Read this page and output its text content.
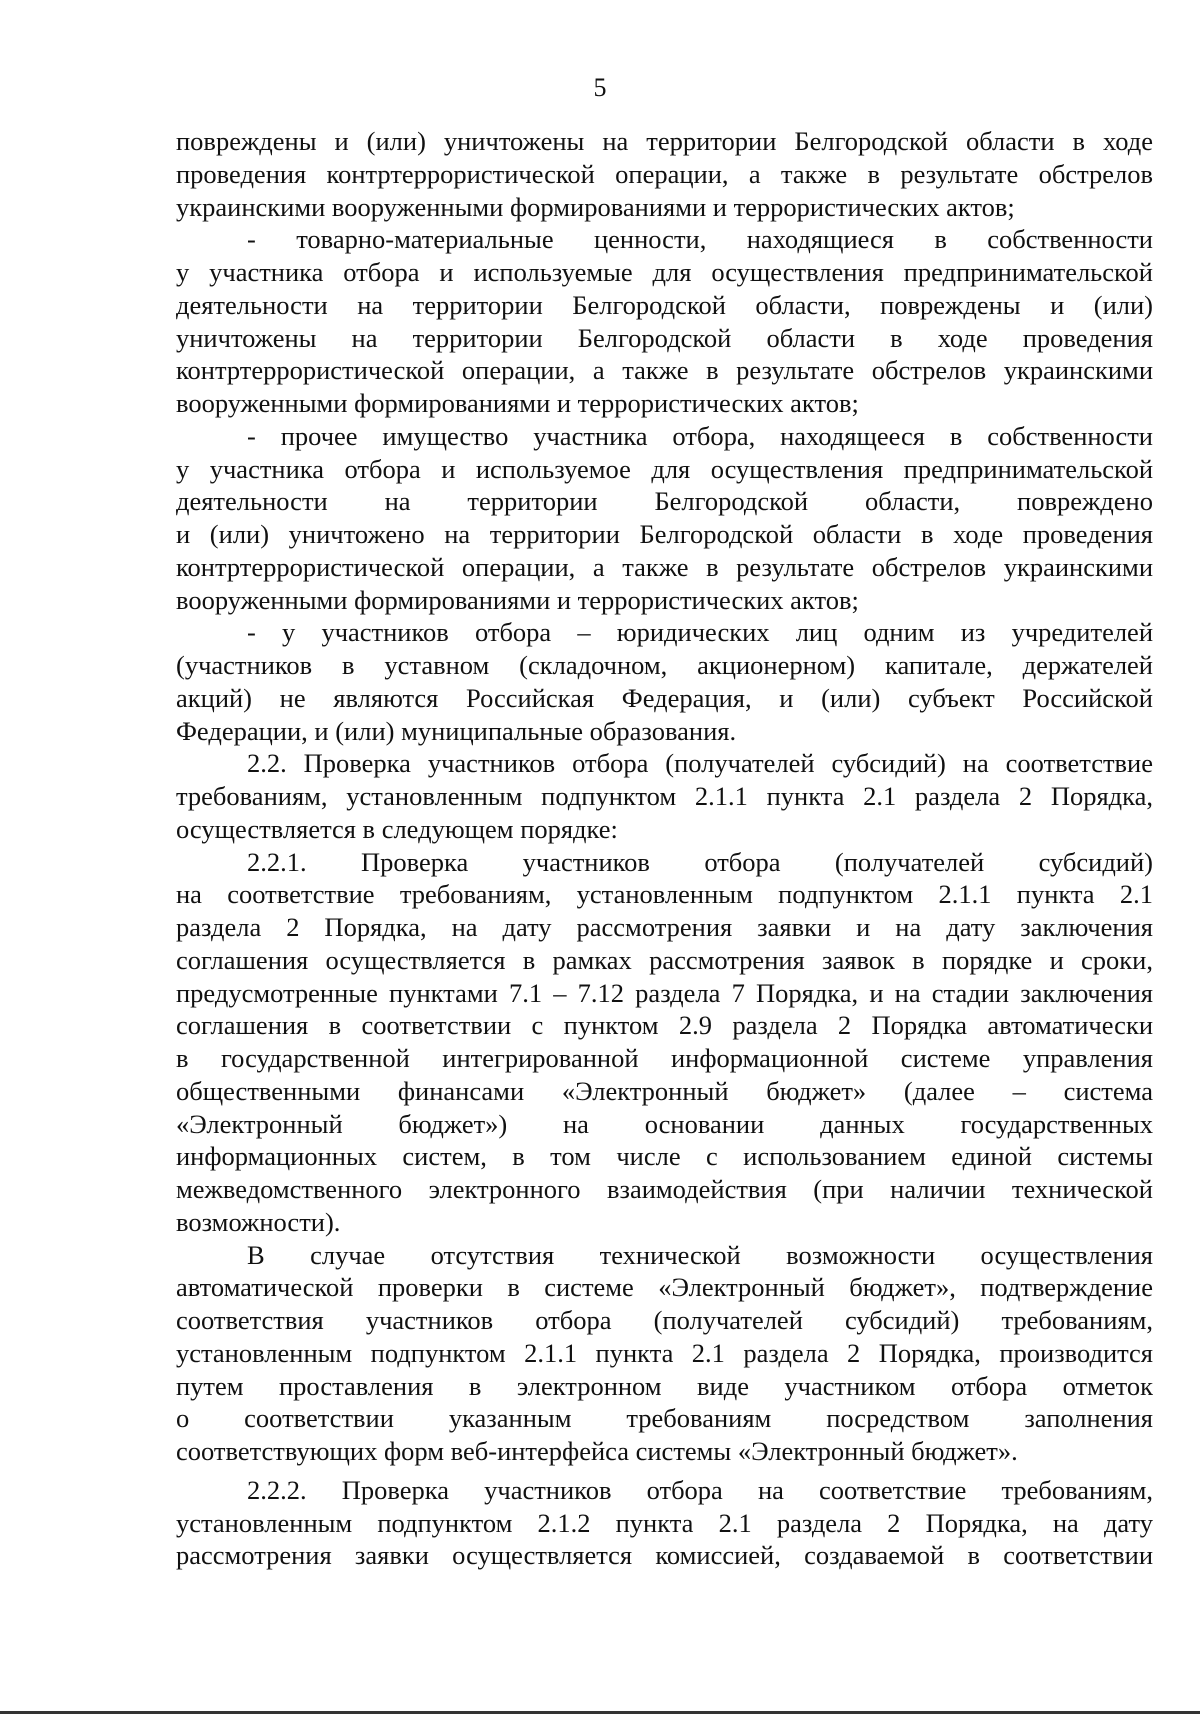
5
повреждены и (или) уничтожены на территории Белгородской области в ходе
проведения контртеррористической операции, а также в результате обстрелов
украинскими вооруженными формированиями и террористических актов;
- товарно-материальные ценности, находящиеся в собственности
у участника отбора и используемые для осуществления предпринимательской
деятельности на территории Белгородской области, повреждены и (или)
уничтожены на территории Белгородской области в ходе проведения
контртеррористической операции, а также в результате обстрелов украинскими
вооруженными формированиями и террористических актов;
- прочее имущество участника отбора, находящееся в собственности
у участника отбора и используемое для осуществления предпринимательской
деятельности на территории Белгородской области, повреждено
и (или) уничтожено на территории Белгородской области в ходе проведения
контртеррористической операции, а также в результате обстрелов украинскими
вооруженными формированиями и террористических актов;
- у участников отбора – юридических лиц одним из учредителей
(участников в уставном (складочном, акционерном) капитале, держателей
акций) не являются Российская Федерация, и (или) субъект Российской
Федерации, и (или) муниципальные образования.
2.2. Проверка участников отбора (получателей субсидий) на соответствие
требованиям, установленным подпунктом 2.1.1 пункта 2.1 раздела 2 Порядка,
осуществляется в следующем порядке:
2.2.1. Проверка участников отбора (получателей субсидий)
на соответствие требованиям, установленным подпунктом 2.1.1 пункта 2.1
раздела 2 Порядка, на дату рассмотрения заявки и на дату заключения
соглашения осуществляется в рамках рассмотрения заявок в порядке и сроки,
предусмотренные пунктами 7.1 – 7.12 раздела 7 Порядка, и на стадии заключения
соглашения в соответствии с пунктом 2.9 раздела 2 Порядка автоматически
в государственной интегрированной информационной системе управления
общественными финансами «Электронный бюджет» (далее – система
«Электронный бюджет») на основании данных государственных
информационных систем, в том числе с использованием единой системы
межведомственного электронного взаимодействия (при наличии технической
возможности).
В случае отсутствия технической возможности осуществления
автоматической проверки в системе «Электронный бюджет», подтверждение
соответствия участников отбора (получателей субсидий) требованиям,
установленным подпунктом 2.1.1 пункта 2.1 раздела 2 Порядка, производится
путем проставления в электронном виде участником отбора отметок
о соответствии указанным требованиям посредством заполнения
соответствующих форм веб-интерфейса системы «Электронный бюджет».
2.2.2. Проверка участников отбора на соответствие требованиям,
установленным подпунктом 2.1.2 пункта 2.1 раздела 2 Порядка, на дату
рассмотрения заявки осуществляется комиссией, создаваемой в соответствии
